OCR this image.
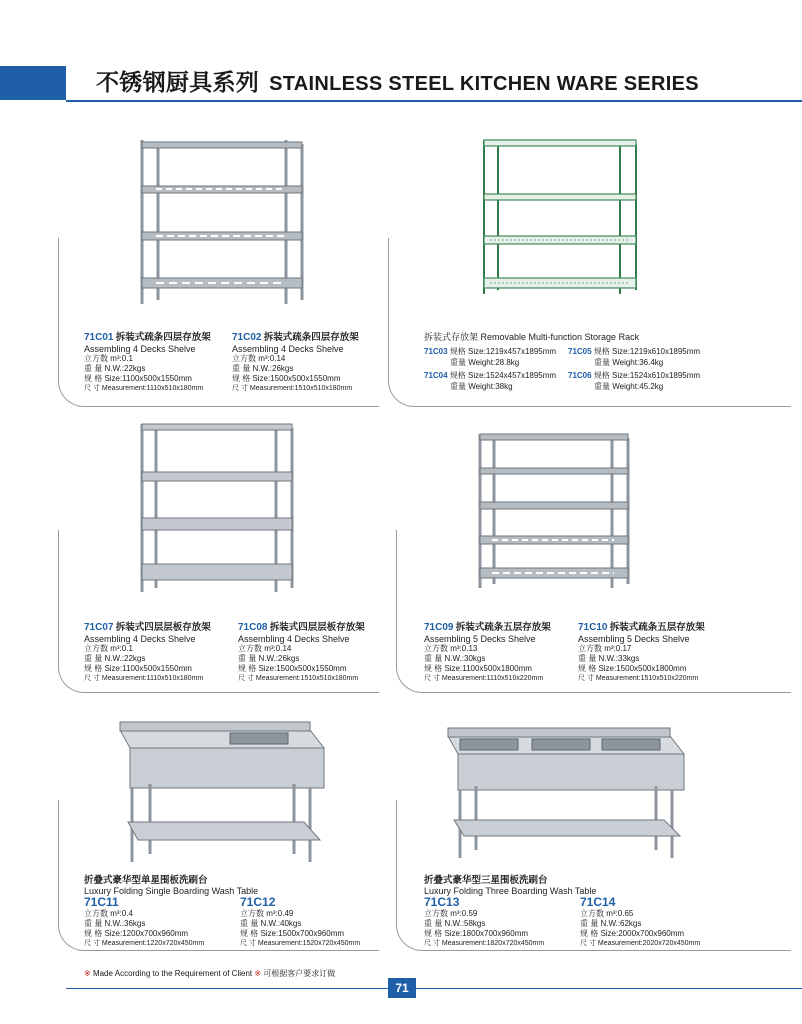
不锈钢厨具系列 STAINLESS STEEL KITCHEN WARE SERIES
71C01 拆装式疏条四层存放架
Assembling 4 Decks Shelve
立方数 m³:0.1
重 量 N.W.:22kgs
规 格 Size:1100x500x1550mm
尺 寸 Measurement:1110x510x180mm
71C02 拆装式疏条四层存放架
Assembling 4 Decks Shelve
立方数 m³:0.14
重 量 N.W.:26kgs
规 格 Size:1500x500x1550mm
尺 寸 Measurement:1510x510x180mm
拆装式存放架 Removable Multi-function Storage Rack
71C03 规格 Size:1219x457x1895mm
重量 Weight:28.8kg
71C04 规格 Size:1524x457x1895mm
重量 Weight:38kg
71C05 规格 Size:1219x610x1895mm
重量 Weight:36.4kg
71C06 规格 Size:1524x610x1895mm
重量 Weight:45.2kg
71C07 拆装式四层层板存放架
Assembling 4 Decks Shelve
立方数 m³:0.1
重 量 N.W.:22kgs
规 格 Size:1100x500x1550mm
尺 寸 Measurement:1110x510x180mm
71C08 拆装式四层层板存放架
Assembling 4 Decks Shelve
立方数 m³:0.14
重 量 N.W.:26kgs
规 格 Size:1500x500x1550mm
尺 寸 Measurement:1510x510x180mm
71C09 拆装式疏条五层存放架
Assembling 5 Decks Shelve
立方数 m³:0.13
重 量 N.W.:30kgs
规 格 Size:1100x500x1800mm
尺 寸 Measurement:1110x510x220mm
71C10 拆装式疏条五层存放架
Assembling 5 Decks Shelve
立方数 m³:0.17
重 量 N.W.:33kgs
规 格 Size:1500x500x1800mm
尺 寸 Measurement:1510x510x220mm
折叠式豪华型单星围板洗刷台
Luxury Folding Single Boarding Wash Table
71C11
立方数 m³:0.4
重 量 N.W.:36kgs
规 格 Size:1200x700x960mm
尺 寸 Measurement:1220x720x450mm
71C12
立方数 m³:0.49
重 量 N.W.:40kgs
规 格 Size:1500x700x960mm
尺 寸 Measurement:1520x720x450mm
折叠式豪华型三星围板洗刷台
Luxury Folding Three Boarding Wash Table
71C13
立方数 m³:0.59
重 量 N.W.:58kgs
规 格 Size:1800x700x960mm
尺 寸 Measurement:1820x720x450mm
71C14
立方数 m³:0.65
重 量 N.W.:62kgs
规 格 Size:2000x700x960mm
尺 寸 Measurement:2020x720x450mm
※ Made According to the Requirement of Client ※ 可根据客户要求订做
71
